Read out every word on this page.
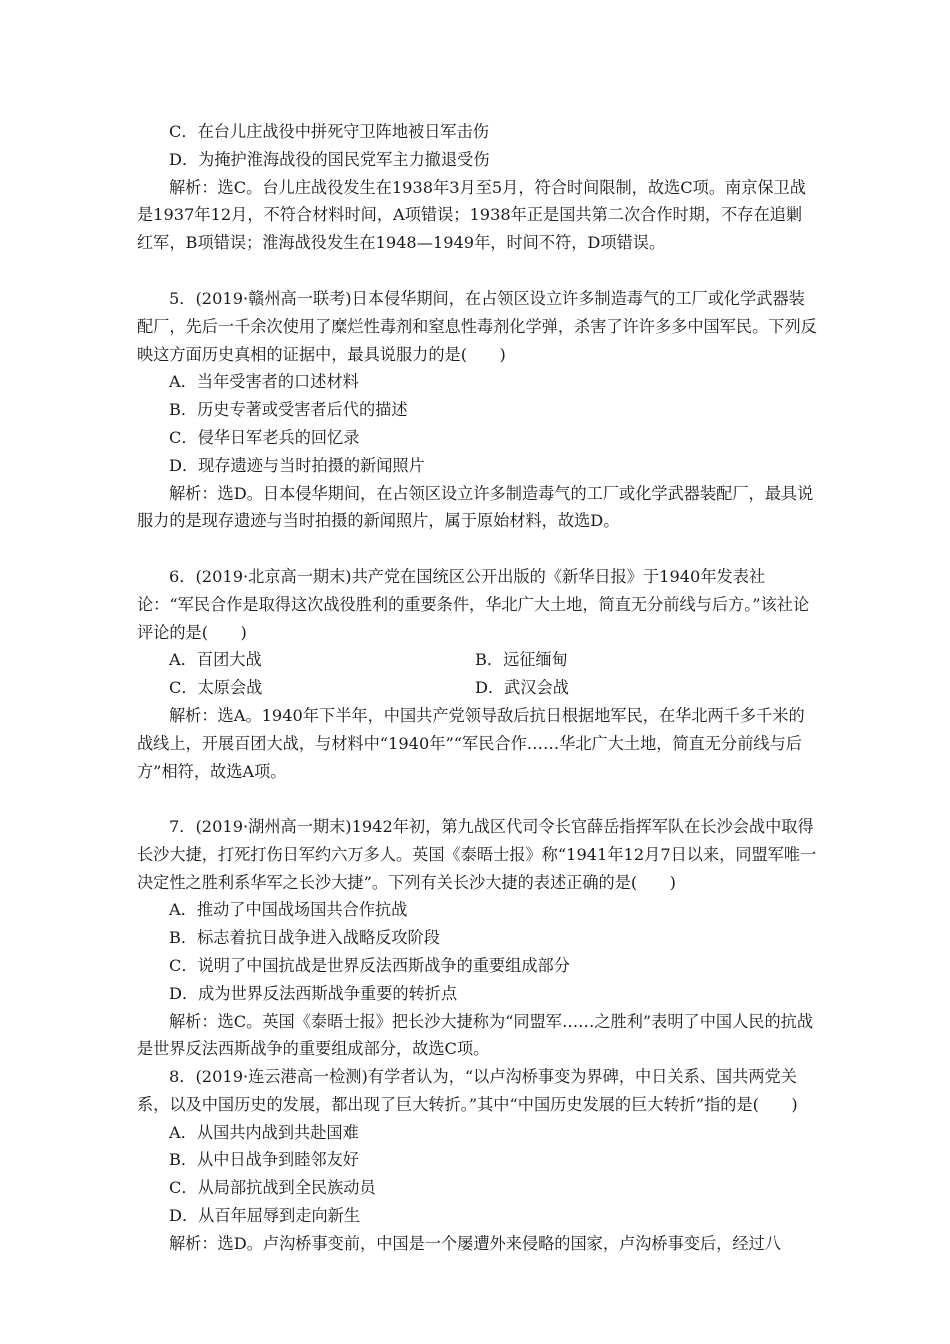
C．在台儿庄战役中拼死守卫阵地被日军击伤

D．为掩护淮海战役的国民党军主力撤退受伤

解析：选C。台儿庄战役发生在1938年3月至5月，符合时间限制，故选C项。南京保卫战是1937年12月，不符合材料时间，A项错误；1938年正是国共第二次合作时期，不存在追剿红军，B项错误；淮海战役发生在1948—1949年，时间不符，D项错误。

5．(2019·赣州高一联考)日本侵华期间，在占领区设立许多制造毒气的工厂或化学武器装配厂，先后一千余次使用了糜烂性毒剂和窒息性毒剂化学弹，杀害了许许多多中国军民。下列反映这方面历史真相的证据中，最具说服力的是(　　)

A．当年受害者的口述材料

B．历史专著或受害者后代的描述

C．侵华日军老兵的回忆录

D．现存遗迹与当时拍摄的新闻照片

解析：选D。日本侵华期间，在占领区设立许多制造毒气的工厂或化学武器装配厂，最具说服力的是现存遗迹与当时拍摄的新闻照片，属于原始材料，故选D。

6．(2019·北京高一期末)共产党在国统区公开出版的《新华日报》于1940年发表社论：“军民合作是取得这次战役胜利的重要条件，华北广大土地，简直无分前线与后方。”该社论评论的是(　　)

A．百团大战	B．远征缅甸
C．太原会战	D．武汉会战

解析：选A。1940年下半年，中国共产党领导敌后抗日根据地军民，在华北两千多千米的战线上，开展百团大战，与材料中“1940年”“军民合作……华北广大土地，简直无分前线与后方”相符，故选A项。

7．(2019·湖州高一期末)1942年初，第九战区代司令长官薛岳指挥军队在长沙会战中取得长沙大捷，打死打伤日军约六万多人。英国《泰晤士报》称“1941年12月7日以来，同盟军唯一决定性之胜利系华军之长沙大捷”。下列有关长沙大捷的表述正确的是(　　)

A．推动了中国战场国共合作抗战

B．标志着抗日战争进入战略反攻阶段

C．说明了中国抗战是世界反法西斯战争的重要组成部分

D．成为世界反法西斯战争重要的转折点

解析：选C。英国《泰晤士报》把长沙大捷称为“同盟军……之胜利”表明了中国人民的抗战是世界反法西斯战争的重要组成部分，故选C项。

8．(2019·连云港高一检测)有学者认为，“以卢沟桥事变为界碑，中日关系、国共两党关系，以及中国历史的发展，都出现了巨大转折。”其中“中国历史发展的巨大转折”指的是(　　)

A．从国共内战到共赴国难

B．从中日战争到睦邻友好

C．从局部抗战到全民族动员

D．从百年屈辱到走向新生

解析：选D。卢沟桥事变前，中国是一个屡遭外来侵略的国家，卢沟桥事变后，经过八
